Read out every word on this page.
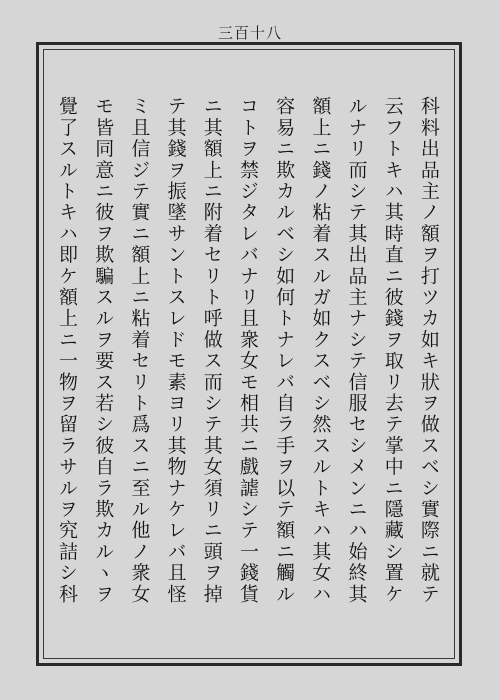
三百十八
科料出品主ノ額ヲ打ツカ如キ狀ヲ做スベシ實際ニ就テ
云フトキハ其時直ニ彼錢ヲ取リ去テ掌中ニ隱藏シ置ケ
ルナリ而シテ其出品主ナシテ信服セシメンニハ始終其
額上ニ錢ノ粘着スルガ如クスベシ然スルトキハ其女ハ
容易ニ欺カルベシ如何トナレバ自ラ手ヲ以テ額ニ觸ル
コトヲ禁ジタレバナリ且衆女モ相共ニ戲謔シテ一錢貨
ニ其額上ニ附着セリト呼做ス而シテ其女須リニ頭ヲ掉
テ其錢ヲ振墜サントスレドモ素ヨリ其物ナケレバ且怪
ミ且信ジテ實ニ額上ニ粘着セリト爲スニ至ル他ノ衆女
モ皆同意ニ彼ヲ欺騙スルヲ要ス若シ彼自ラ欺カルヽヲ
覺了スルトキハ即ケ額上ニ一物ヲ留ラサルヲ究詰シ科
